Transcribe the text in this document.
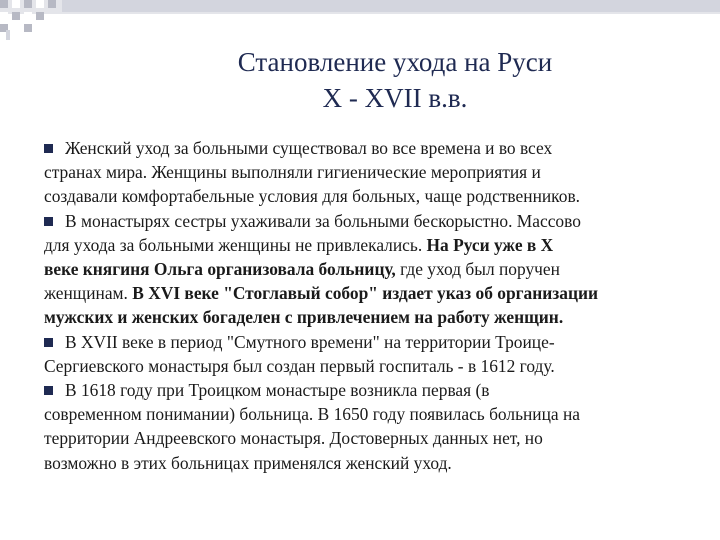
Становление ухода на Руси
X - XVII в.в.
Женский уход за больными существовал во все времена и во всех
странах мира. Женщины выполняли гигиенические мероприятия и
создавали комфортабельные условия для больных, чаще родственников.
В монастырях сестры ухаживали за больными бескорыстно. Массово
для ухода за больными женщины не привлекались. На Руси уже в X
веке княгиня Ольга организовала больницу, где уход был поручен
женщинам. В XVI веке "Стоглавый собор" издает указ об организации
мужских и женских богаделен с привлечением на работу женщин.
В XVII веке в период "Смутного времени" на территории Троице-
Сергиевского монастыря был создан первый госпиталь - в 1612 году.
В 1618 году при Троицком монастыре возникла первая (в
современном понимании) больница. В 1650 году появилась больница на
территории Андреевского монастыря. Достоверных данных нет, но
возможно в этих больницах применялся женский уход.
